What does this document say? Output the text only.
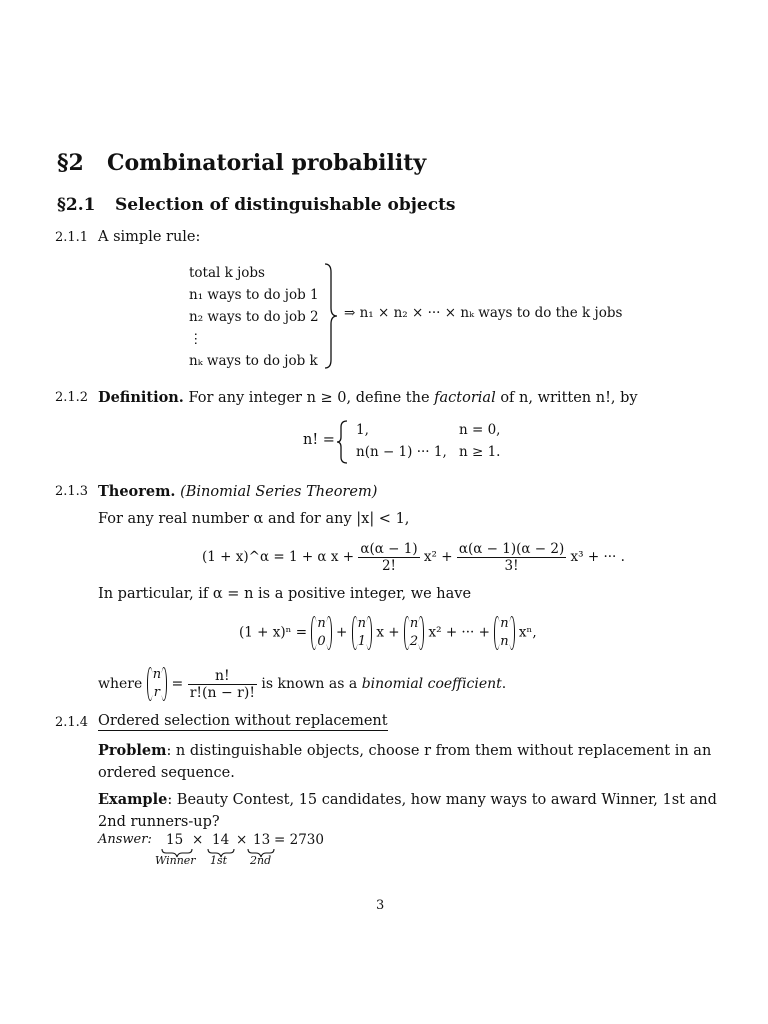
§2 Combinatorial probability
§2.1 Selection of distinguishable objects
2.1.1 A simple rule:
total k jobs
n₁ ways to do job 1
n₂ ways to do job 2
⋮
nₖ ways to do job k
⇒ n₁ × n₂ × ··· × nₖ ways to do the k jobs
2.1.2 Definition. For any integer n ≥ 0, define the factorial of n, written n!, by
n! =
1,	n = 0,
n(n − 1) ··· 1, n ≥ 1.
2.1.3 Theorem. (Binomial Series Theorem)
For any real number α and for any |x| < 1,
(1 + x)^α = 1 + α $x + \frac{\alpha(\alpha - 1)}{2!} x^2 + \frac{\alpha(\alpha - 1)(\alpha - 2)}{3!} x^3$ + ··· .
In particular, if α = n is a positive integer, we have
(1 + x)ⁿ =
n
0
+
n
1
x +
n
2
x² + ··· +
n
n
xⁿ,
where
n
r
= $\frac{n!}{r!(n - r)!}$ is known as a binomial coefficient.
2.1.4 Ordered selection without replacement
Problem: n distinguishable objects, choose r from them without replacement in an ordered sequence.
Example: Beauty Contest, 15 candidates, how many ways to award Winner, 1st and 2nd runners-up?
Answer: 15 × 14 × 13 = 2730
Winner 1st 2nd
3
